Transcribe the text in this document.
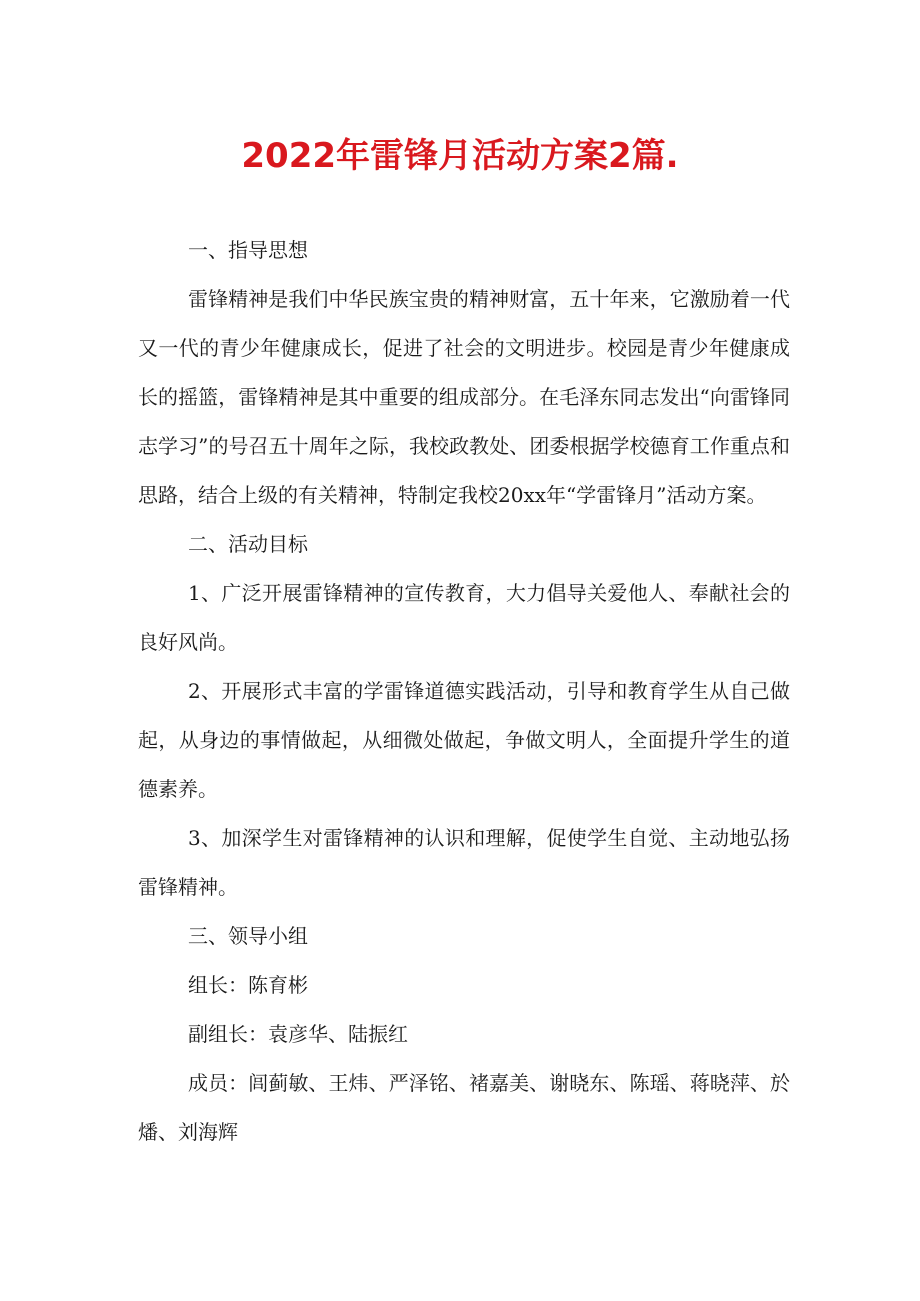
2022年雷锋月活动方案2篇.

一、指导思想

雷锋精神是我们中华民族宝贵的精神财富，五十年来，它激励着一代又一代的青少年健康成长，促进了社会的文明进步。校园是青少年健康成长的摇篮，雷锋精神是其中重要的组成部分。在毛泽东同志发出“向雷锋同志学习”的号召五十周年之际，我校政教处、团委根据学校德育工作重点和思路，结合上级的有关精神，特制定我校20xx年“学雷锋月”活动方案。

二、活动目标

1、广泛开展雷锋精神的宣传教育，大力倡导关爱他人、奉献社会的良好风尚。

2、开展形式丰富的学雷锋道德实践活动，引导和教育学生从自己做起，从身边的事情做起，从细微处做起，争做文明人，全面提升学生的道德素养。

3、加深学生对雷锋精神的认识和理解，促使学生自觉、主动地弘扬雷锋精神。

三、领导小组

组长：陈育彬

副组长：袁彦华、陆振红

成员：闾蓟敏、王炜、严泽铭、褚嘉美、谢晓东、陈瑶、蒋晓萍、於燔、刘海辉
